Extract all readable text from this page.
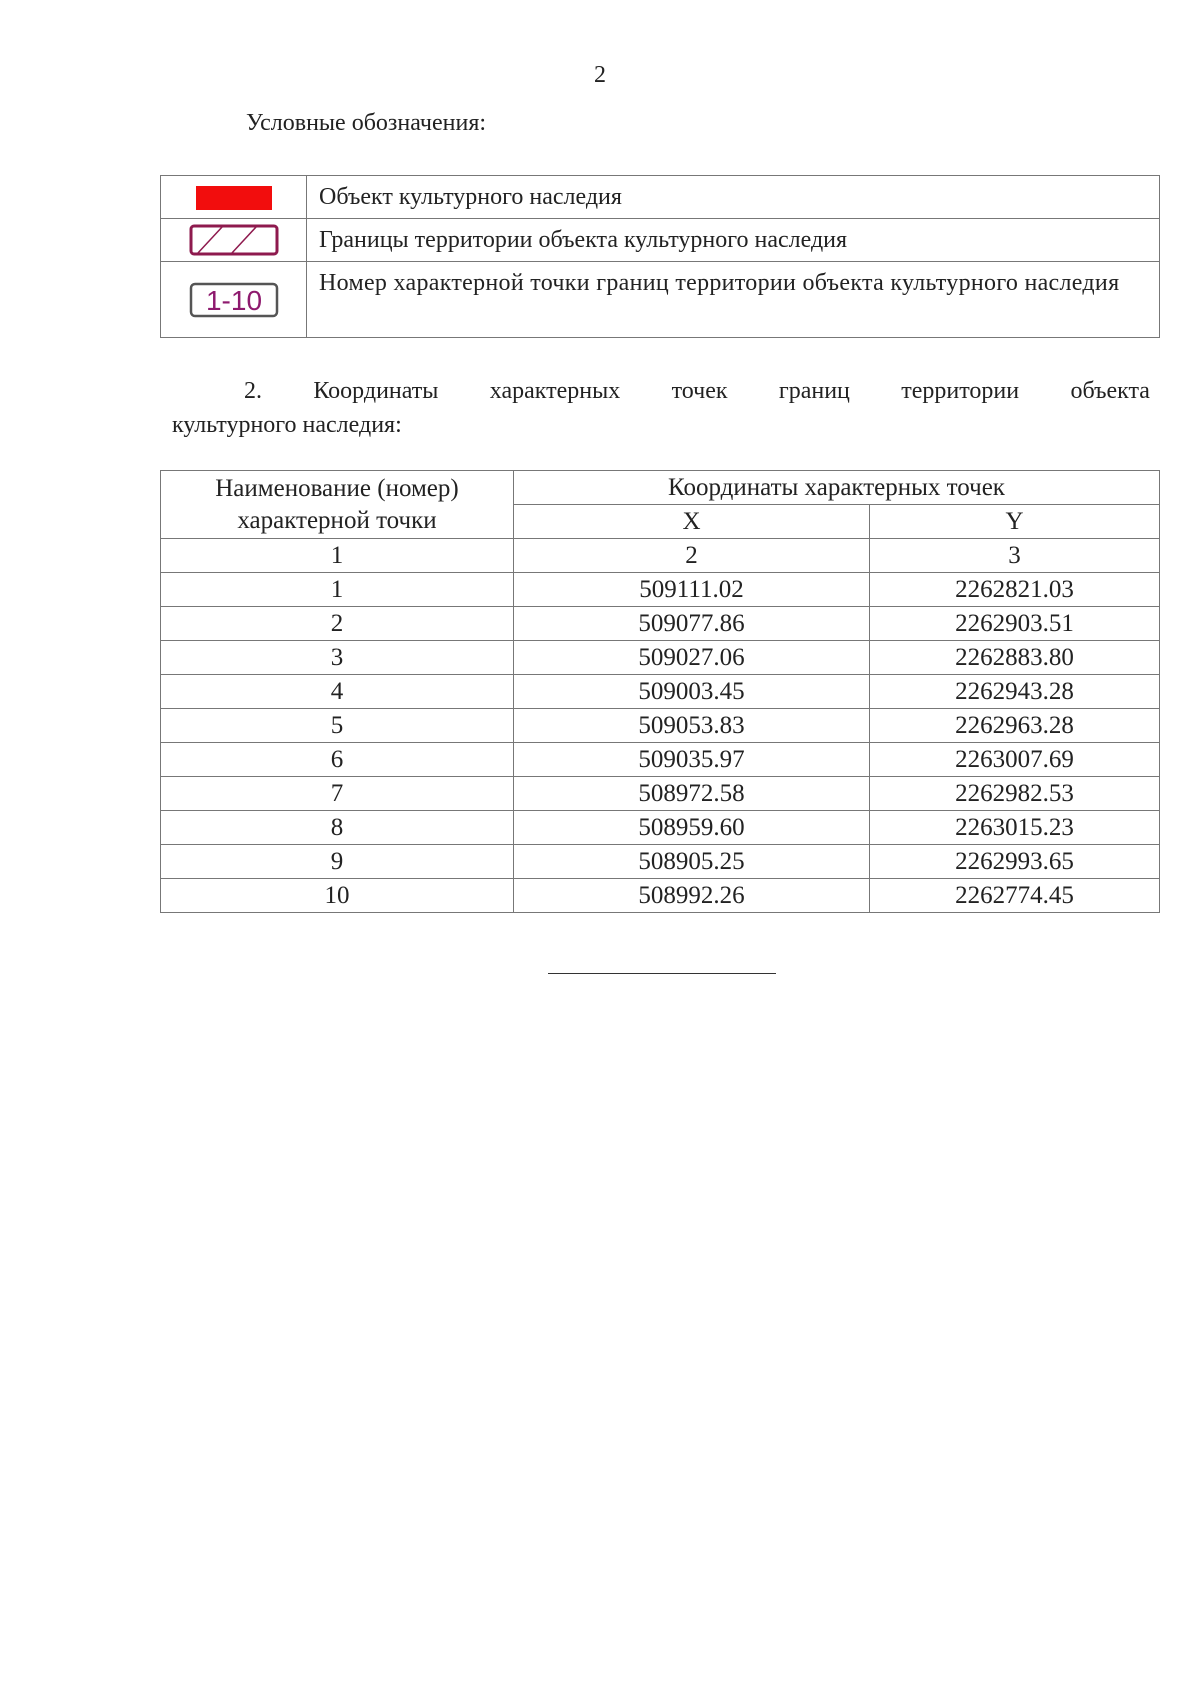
2
Условные обозначения:
	Объект культурного наследия
	Границы территории объекта культурного наследия

1-10	Номер характерной точки границ территории объекта культурного наследия
2. Координаты характерных точек границ территории объекта
культурного наследия:
Наименование (номер) характерной точки	Координаты характерных точек	
	X	Y
1	2	3
1	509111.02	2262821.03
2	509077.86	2262903.51
3	509027.06	2262883.80
4	509003.45	2262943.28
5	509053.83	2262963.28
6	509035.97	2263007.69
7	508972.58	2262982.53
8	508959.60	2263015.23
9	508905.25	2262993.65
10	508992.26	2262774.45
